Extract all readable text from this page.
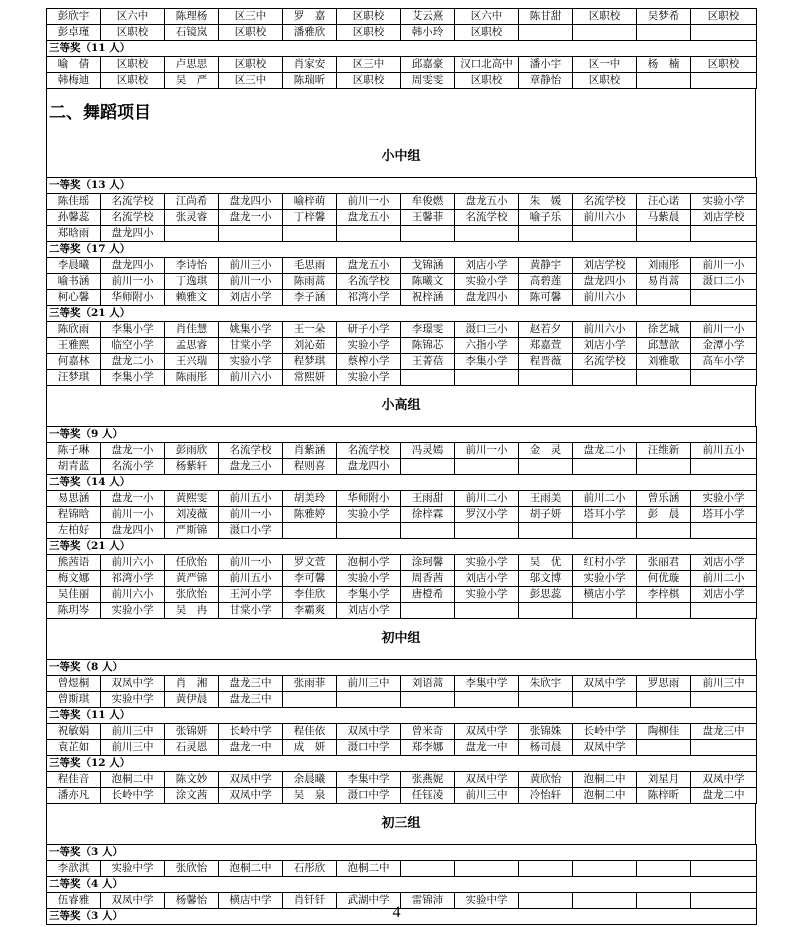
彭欣宇	区六中	陈理杨	区三中	罗　嘉	区职校	艾云熹	区六中	陈甘甜	区职校	吴梦希	区职校
彭卓瑾	区职校	石镜岚	区职校	潘雅欣	区职校	韩小玲	区职校				
三等奖（11 人）											
喻　倩	区职校	卢思思	区职校	肖家安	区三中	邱嘉豪	汉口北高中	潘小宇	区一中	杨　楠	区职校
韩梅迪	区职校	吴　严	区三中	陈瑞昕	区职校	周雯雯	区职校	章静怡	区职校		
二、舞蹈项目
小中组
一等奖（13 人）											
陈佳瑶	名流学校	江尚希	盘龙四小	喻梓萌	前川一小	牟俊燃	盘龙五小	朱　媛	名流学校	汪心诺	实验小学
孙馨蕊	名流学校	张灵睿	盘龙一小	丁梓馨	盘龙五小	王馨菲	名流学校	喻子乐	前川六小	马紫晨	刘店学校
郑晗雨	盘龙四小										
二等奖（17 人）											
李晨曦	盘龙四小	李诗怡	前川三小	毛思雨	盘龙五小	戈锦涵	刘店小学	黄静宇	刘店学校	刘雨彤	前川一小
喻书涵	前川一小	丁逸琪	前川一小	陈雨蒿	名流学校	陈曦文	实验小学	高碧莲	盘龙四小	易肖蒿	滠口二小
柯心馨	华师附小	赖雅文	刘店小学	李子涵	祁湾小学	祝梓涵	盘龙四小	陈可馨	前川六小		
三等奖（21 人）											
陈欣雨	李集小学	肖佳慧	姚集小学	王一朵	研子小学	李璟雯	滠口三小	赵若夕	前川六小	徐艺城	前川一小
王雅熙	临空小学	孟思睿	甘棠小学	刘沁茹	实验小学	陈锦芯	六指小学	郑嘉萱	刘店小学	邱慧歆	金潭小学
何嘉林	盘龙二小	王兴瑞	实验小学	程梦琪	蔡榨小学	王菁蓓	李集小学	程晋薇	名流学校	刘雅歌	高车小学
汪梦琪	李集小学	陈雨彤	前川六小	常熙妍	实验小学						
小高组
一等奖（9 人）											
陈子琳	盘龙一小	彭雨欣	名流学校	肖紫涵	名流学校	冯灵嫣	前川一小	金　灵	盘龙二小	汪维新	前川五小
胡青蓝	名流小学	杨紫轩	盘龙三小	程则喜	盘龙四小						
二等奖（14 人）											
易思涵	盘龙一小	黄熙雯	前川五小	胡美玲	华师附小	王雨甜	前川二小	王雨美	前川二小	曾乐涵	实验小学
程锦晗	前川一小	刘凌薇	前川一小	陈雅婷	实验小学	徐梓霖	罗汉小学	胡子妍	塔耳小学	彭　晨	塔耳小学
左柏好	盘龙四小	严斯锦	滠口小学								
三等奖（21 人）											
熊茜语	前川六小	任欣怡	前川一小	罗文萱	泡桐小学	涂珂馨	实验小学	吴　优	红村小学	张丽君	刘店小学
梅文娜	祁湾小学	黄严锦	前川五小	李可馨	实验小学	周香茜	刘店小学	邬文博	实验小学	何优璇	前川二小
吴佳丽	前川六小	张欣怡	王河小学	李佳欣	李集小学	唐橙希	实验小学	彭思蕊	横店小学	李梓棋	刘店小学
陈玥岑	实验小学	吴　冉	甘棠小学	李霸爽	刘店小学						
初中组
一等奖（8 人）											
曾煜桐	双凤中学	肖　湘	盘龙三中	张雨菲	前川三中	刘语蒿	李集中学	朱欣宇	双凤中学	罗思雨	前川三中
曾斯琪	实验中学	黄伊晨	盘龙三中								
二等奖（11 人）											
祝敏娟	前川三中	张锦妍	长岭中学	程佳依	双凤中学	曾米奇	双凤中学	张锦姝	长岭中学	陶柳佳	盘龙三中
袁芷如	前川三中	石灵恩	盘龙一中	成　妍	滠口中学	郑李娜	盘龙一中	杨司晨	双凤中学		
三等奖（12 人）											
程佳音	泡桐二中	陈文妙	双凤中学	余晨曦	李集中学	张燕妮	双凤中学	黄欣怡	泡桐二中	刘星月	双凤中学
潘亦凡	长岭中学	涂文茜	双凤中学	吴　泉	滠口中学	任钰凌	前川三中	冷怡轩	泡桐二中	陈梓昕	盘龙二中
初三组
一等奖（3 人）											
李歆淇	实验中学	张欣怡	泡桐二中	石彤欣	泡桐二中						
二等奖（4 人）											
伍睿雅	双凤中学	杨馨怡	横店中学	肖钎钎	武湖中学	雷锦沛	实验中学				
三等奖（3 人）												4
